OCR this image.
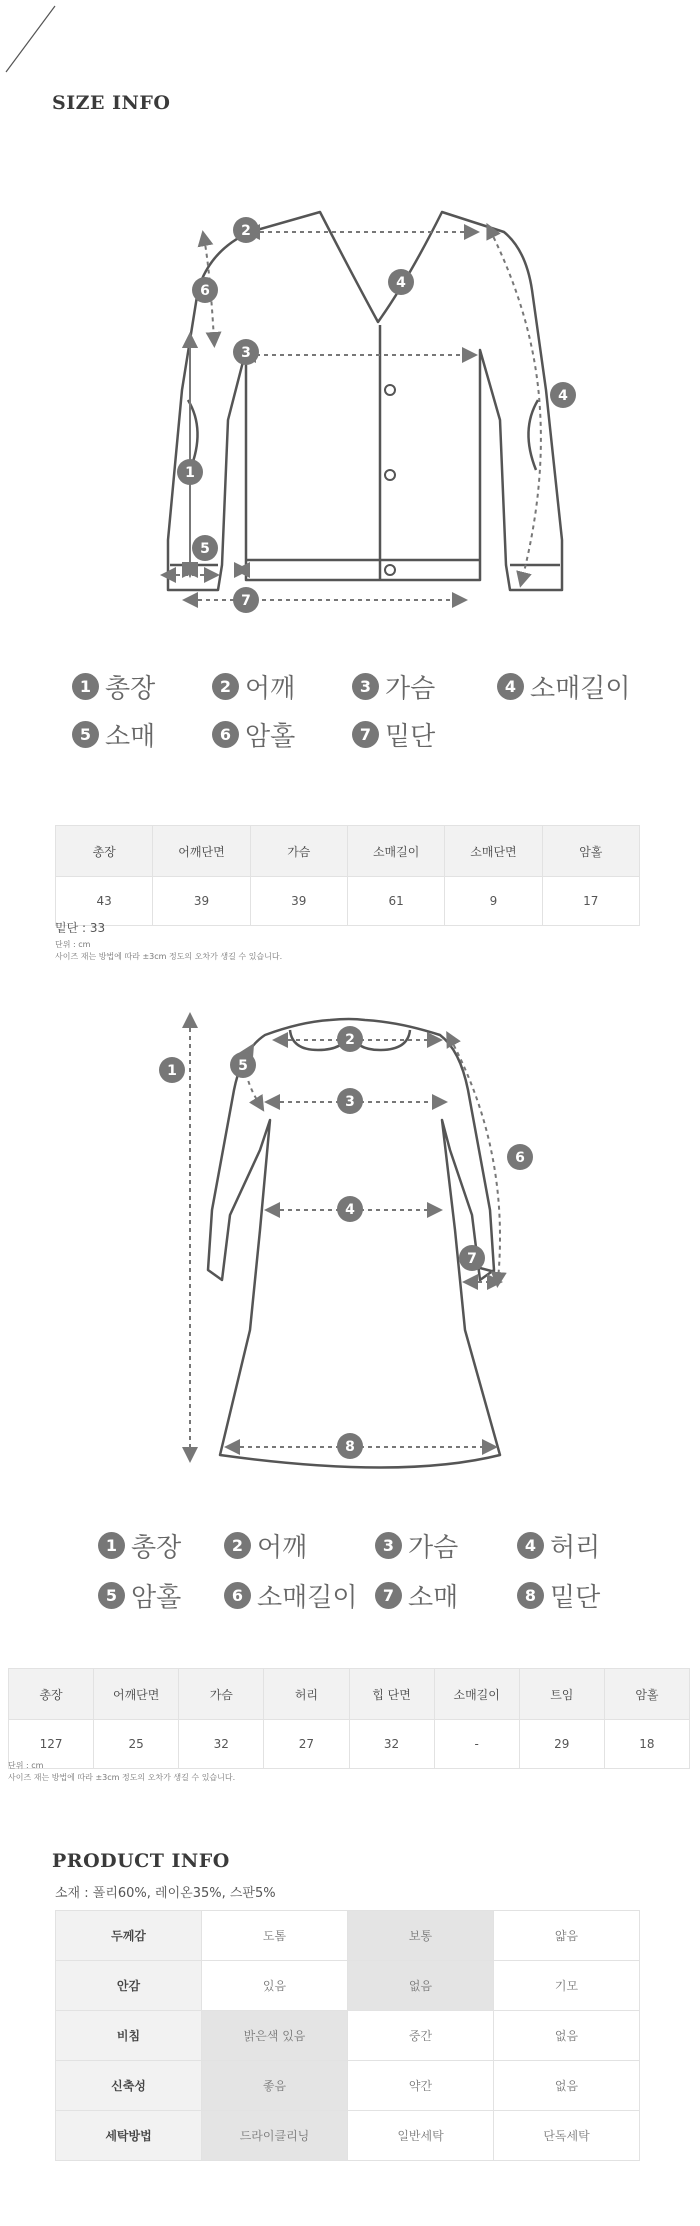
SIZE INFO
1
2
3
4
7
6
5
4
1 총장	2 어깨	3 가슴	4 소매길이
5 소매	6 암홀	7 밑단
총장	어깨단면	가슴	소매길이	소매단면	암홀
43	39	39	61	9	17
밑단 : 33
단위 : cm
사이즈 재는 방법에 따라 ±3cm 정도의 오차가 생길 수 있습니다.
1
2
3
4
5
6
7
8
1 총장	2 어깨	3 가슴	4 허리
5 암홀	6 소매길이	7 소매	8 밑단
총장	어깨단면	가슴	허리	힙 단면	소매길이	트임	암홀
127	25	32	27	32	-	29	18
단위 : cm
사이즈 재는 방법에 따라 ±3cm 정도의 오차가 생길 수 있습니다.
PRODUCT INFO
소재 : 폴리60%, 레이온35%, 스판5%
두께감	도톰	보통	얇음
안감	있음	없음	기모
비침	밝은색 있음	중간	없음
신축성	좋음	약간	없음
세탁방법	드라이클리닝	일반세탁	단독세탁
